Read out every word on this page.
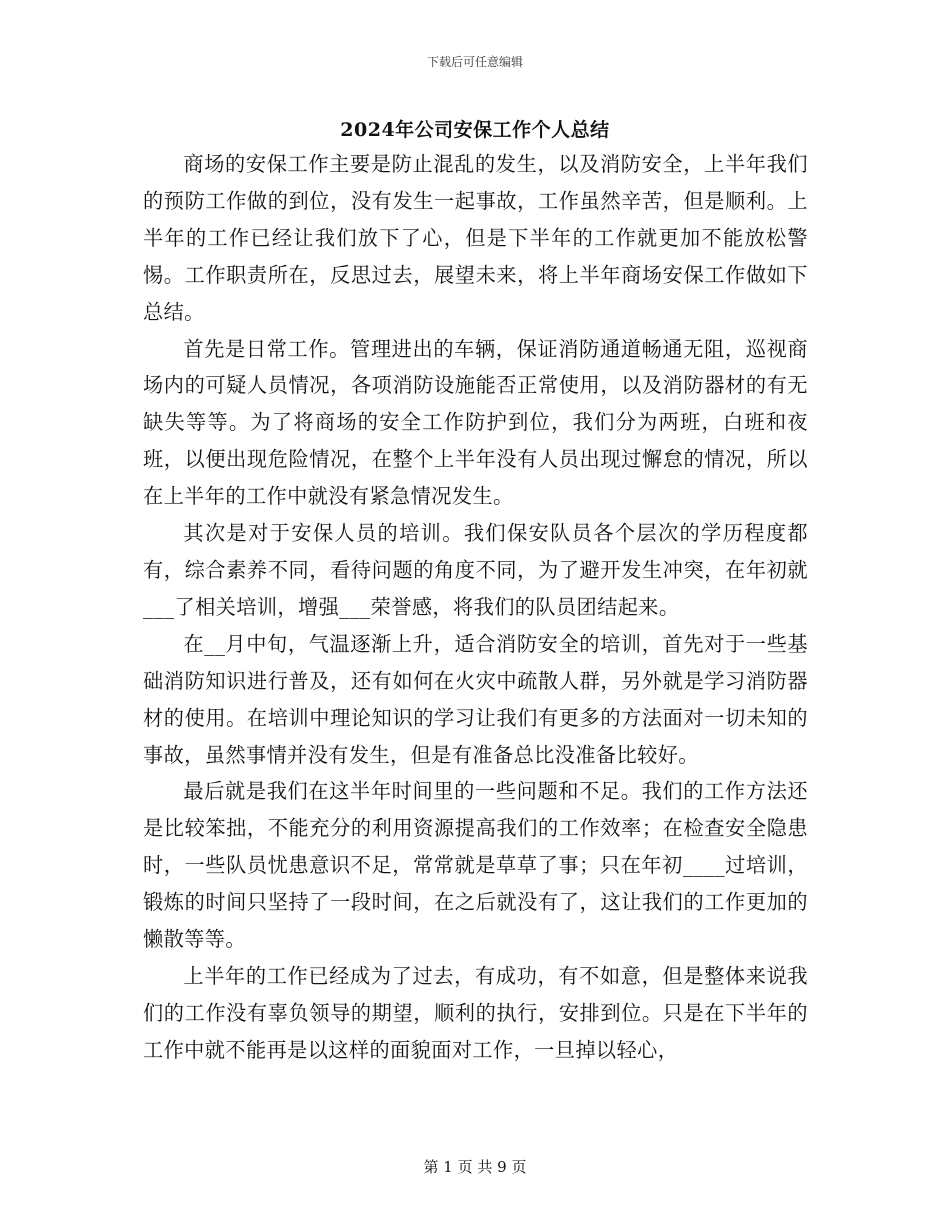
下载后可任意编辑
2024年公司安保工作个人总结

商场的安保工作主要是防止混乱的发生，以及消防安全，上半年我们的预防工作做的到位，没有发生一起事故，工作虽然辛苦，但是顺利。上半年的工作已经让我们放下了心，但是下半年的工作就更加不能放松警惕。工作职责所在，反思过去，展望未来，将上半年商场安保工作做如下总结。

首先是日常工作。管理进出的车辆，保证消防通道畅通无阻，巡视商场内的可疑人员情况，各项消防设施能否正常使用，以及消防器材的有无缺失等等。为了将商场的安全工作防护到位，我们分为两班，白班和夜班，以便出现危险情况，在整个上半年没有人员出现过懈怠的情况，所以在上半年的工作中就没有紧急情况发生。

其次是对于安保人员的培训。我们保安队员各个层次的学历程度都有，综合素养不同，看待问题的角度不同，为了避开发生冲突，在年初就___了相关培训，增强___荣誉感，将我们的队员团结起来。

在__月中旬，气温逐渐上升，适合消防安全的培训，首先对于一些基础消防知识进行普及，还有如何在火灾中疏散人群，另外就是学习消防器材的使用。在培训中理论知识的学习让我们有更多的方法面对一切未知的事故，虽然事情并没有发生，但是有准备总比没准备比较好。

最后就是我们在这半年时间里的一些问题和不足。我们的工作方法还是比较笨拙，不能充分的利用资源提高我们的工作效率；在检查安全隐患时，一些队员忧患意识不足，常常就是草草了事；只在年初____过培训，锻炼的时间只坚持了一段时间，在之后就没有了，这让我们的工作更加的懒散等等。

上半年的工作已经成为了过去，有成功，有不如意，但是整体来说我们的工作没有辜负领导的期望，顺利的执行，安排到位。只是在下半年的工作中就不能再是以这样的面貌面对工作，一旦掉以轻心，

第 1 页 共 9 页
